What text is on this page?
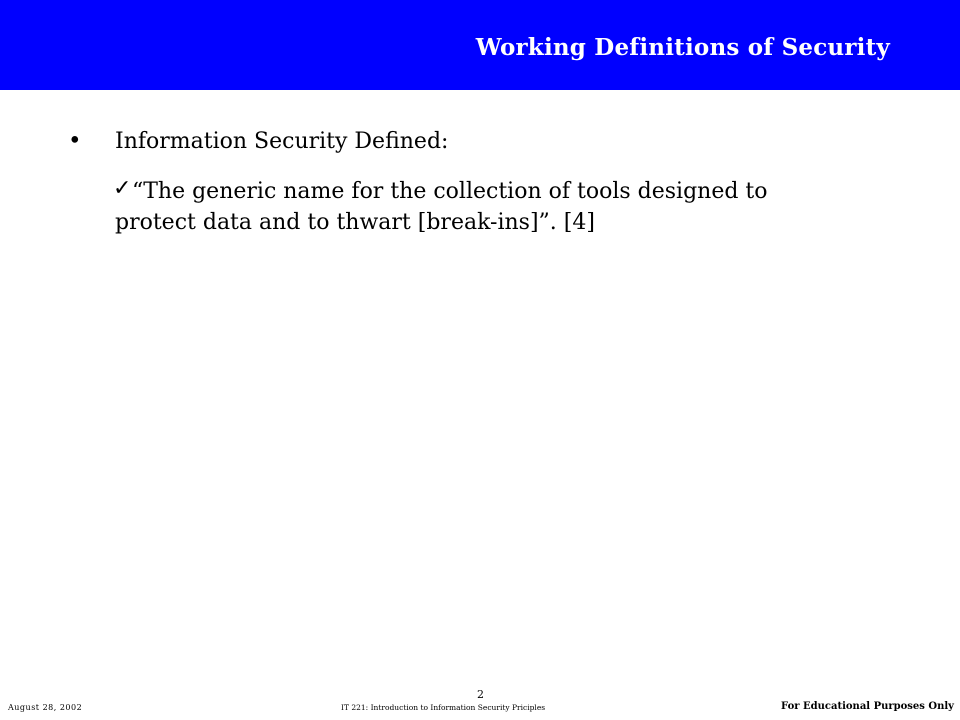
Working Definitions of Security
• Information Security Defined:
✓ “The generic name for the collection of tools designed to protect data and to thwart [break-ins]”. [4]
August 28, 2002
2
IT 221: Introduction to Information Security Priciples	For Educational Purposes Only
